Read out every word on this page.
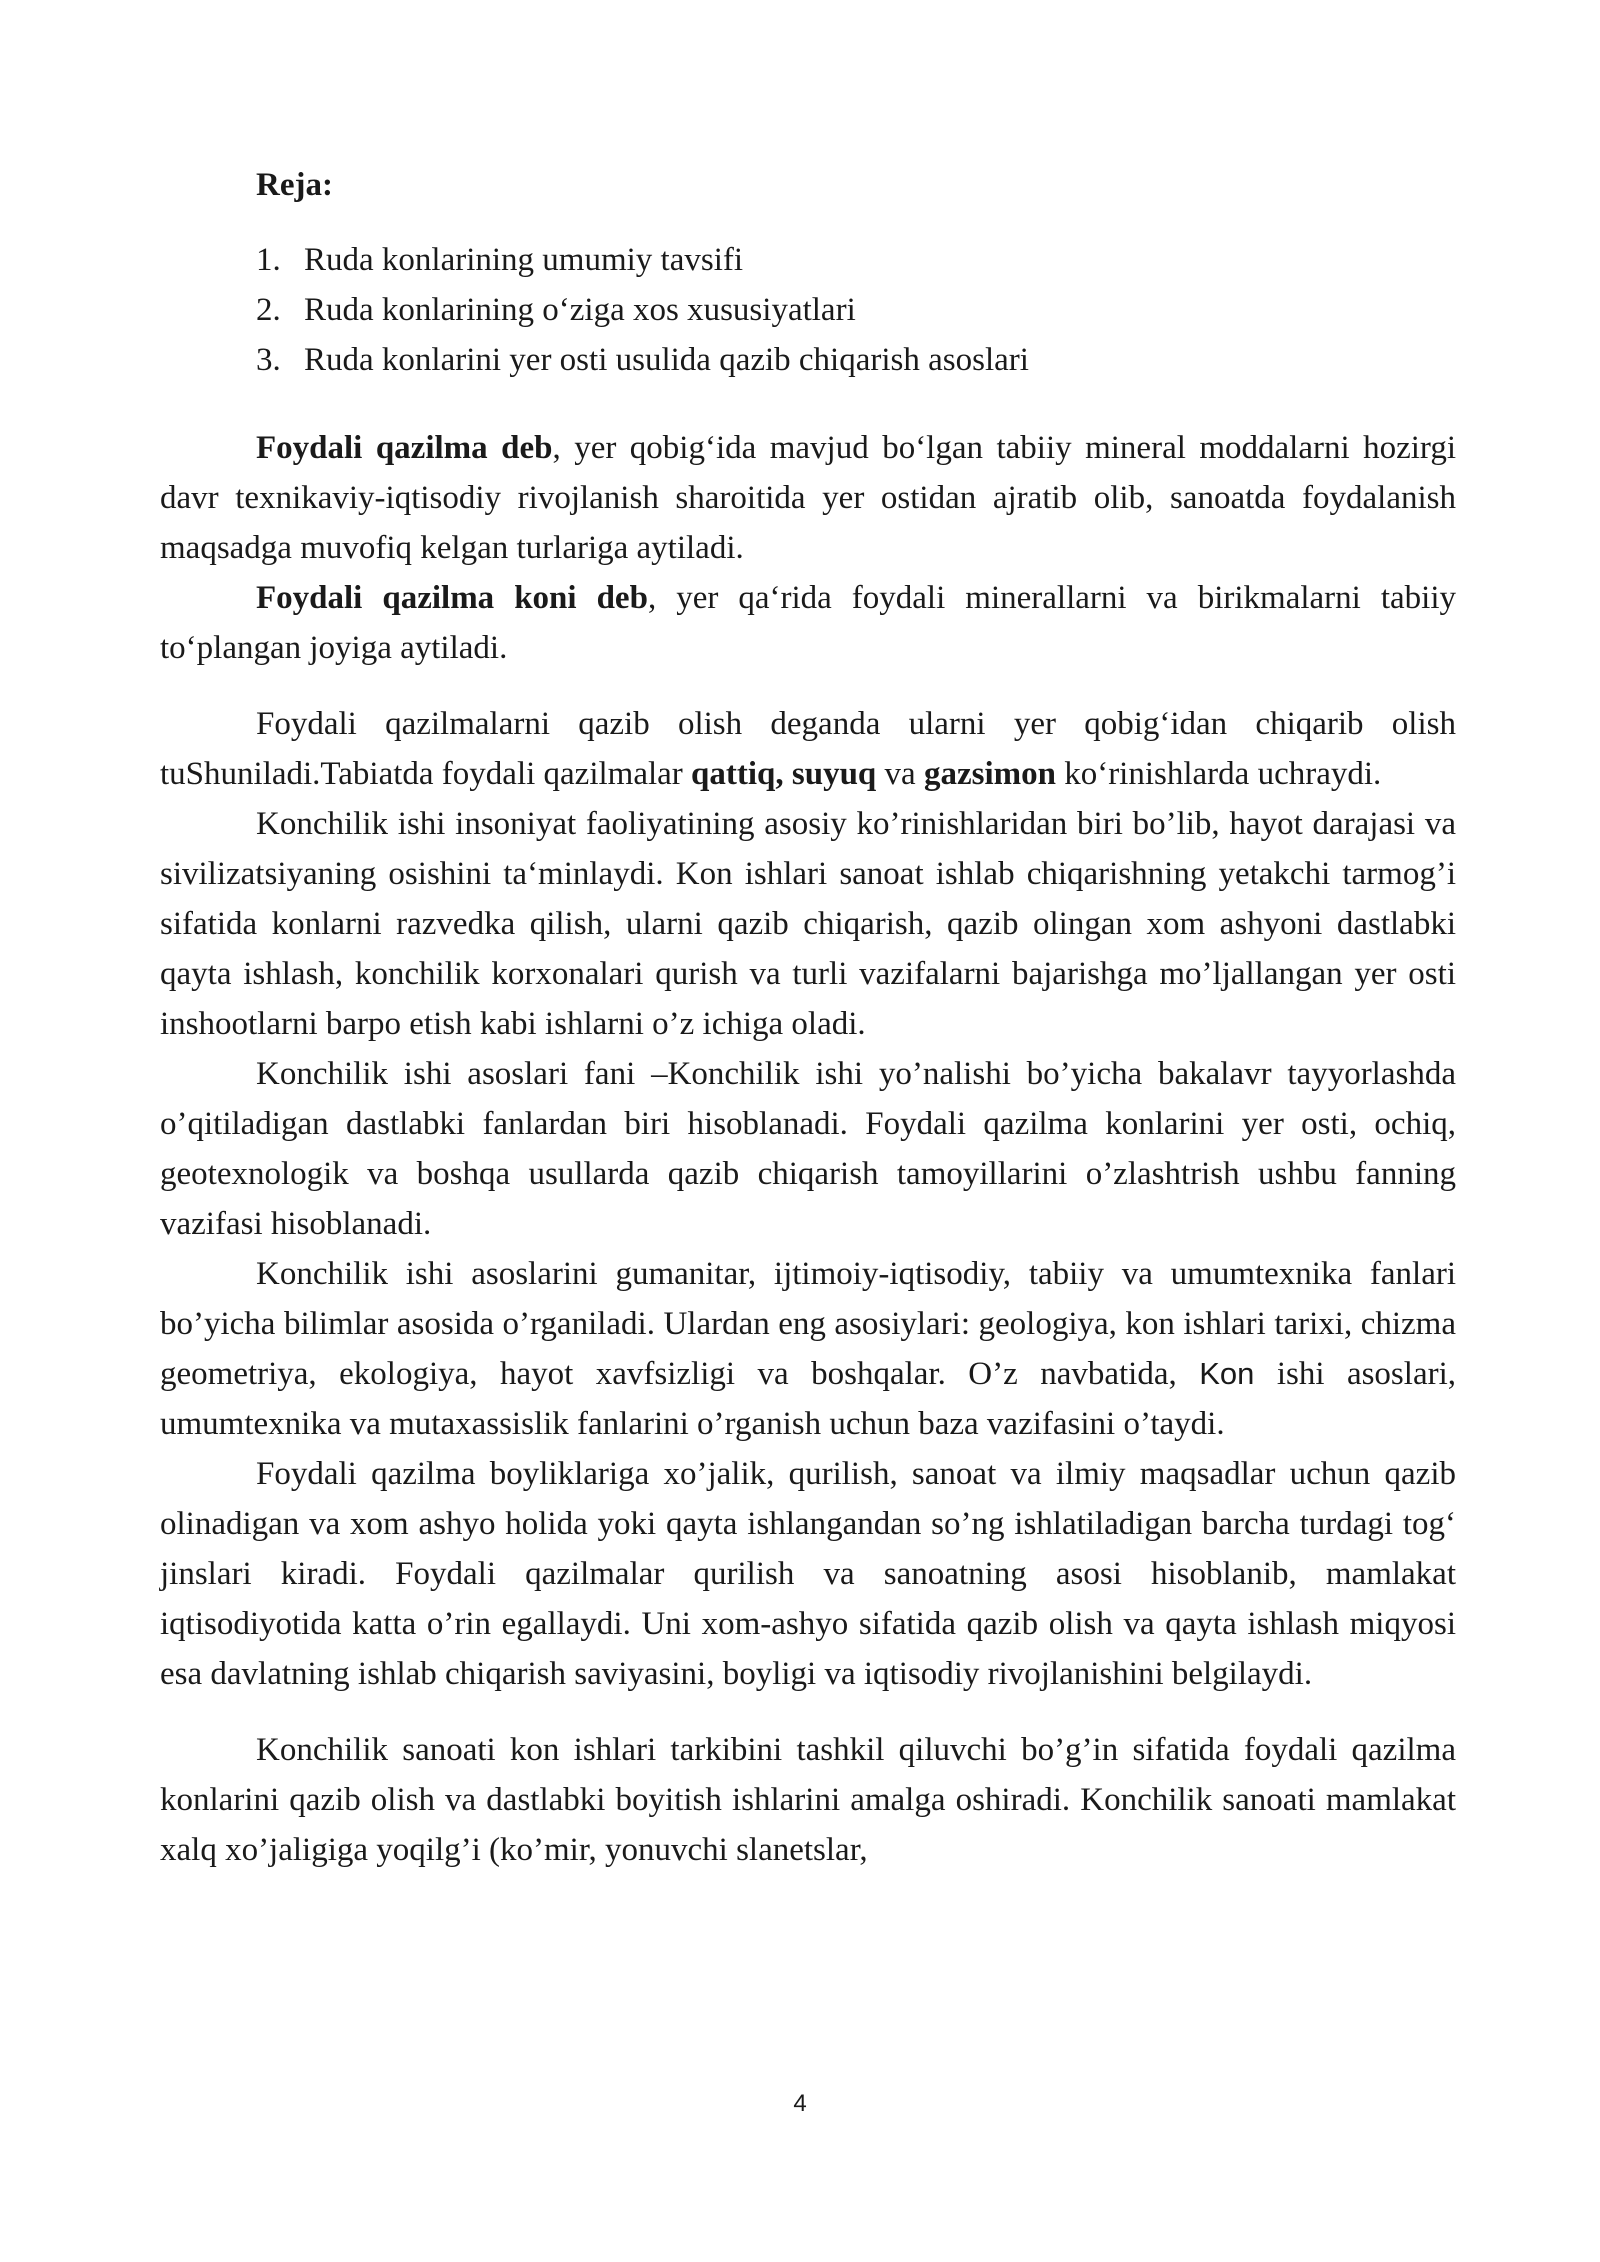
Reja:
1. Ruda konlarining umumiy tavsifi
2. Ruda konlarining o‘ziga xos xususiyatlari
3. Ruda konlarini yer osti usulida qazib chiqarish asoslari

Foydali qazilma deb, yer qobig‘ida mavjud bo‘lgan tabiiy mineral moddalarni hozirgi davr texnikaviy-iqtisodiy rivojlanish sharoitida yer ostidan ajratib olib, sanoatda foydalanish maqsadga muvofiq kelgan turlariga aytiladi.

Foydali qazilma koni deb, yer qa‘rida foydali minerallarni va birikmalarni tabiiy to‘plangan joyiga aytiladi.

Foydali qazilmalarni qazib olish deganda ularni yer qobig‘idan chiqarib olish tuShuniladi.Tabiatda foydali qazilmalar qattiq, suyuq va gazsimon ko‘rinishlarda uchraydi.

Konchilik ishi insoniyat faoliyatining asosiy ko’rinishlaridan biri bo’lib, hayot darajasi va sivilizatsiyaning osishini ta‘minlaydi. Kon ishlari sanoat ishlab chiqarishning yetakchi tarmog’i sifatida konlarni razvedka qilish, ularni qazib chiqarish, qazib olingan xom ashyoni dastlabki qayta ishlash, konchilik korxonalari qurish va turli vazifalarni bajarishga mo’ljallangan yer osti inshootlarni barpo etish kabi ishlarni o’z ichiga oladi.

Konchilik ishi asoslari fani –Konchilik ishi yo’nalishi bo’yicha bakalavr tayyorlashda o’qitiladigan dastlabki fanlardan biri hisoblanadi. Foydali qazilma konlarini yer osti, ochiq, geotexnologik va boshqa usullarda qazib chiqarish tamoyillarini o’zlashtrish ushbu fanning vazifasi hisoblanadi.

Konchilik ishi asoslarini gumanitar, ijtimoiy-iqtisodiy, tabiiy va umumtexnika fanlari bo’yicha bilimlar asosida o’rganiladi. Ulardan eng asosiylari: geologiya, kon ishlari tarixi, chizma geometriya, ekologiya, hayot xavfsizligi va boshqalar. O’z navbatida, Kon ishi asoslari, umumtexnika va mutaxassislik fanlarini o’rganish uchun baza vazifasini o’taydi.

Foydali qazilma boyliklariga xo’jalik, qurilish, sanoat va ilmiy maqsadlar uchun qazib olinadigan va xom ashyo holida yoki qayta ishlangandan so’ng ishlatiladigan barcha turdagi tog‘ jinslari kiradi. Foydali qazilmalar qurilish va sanoatning asosi hisoblanib, mamlakat iqtisodiyotida katta o’rin egallaydi. Uni xom-ashyo sifatida qazib olish va qayta ishlash miqyosi esa davlatning ishlab chiqarish saviyasini, boyligi va iqtisodiy rivojlanishini belgilaydi.

Konchilik sanoati kon ishlari tarkibini tashkil qiluvchi bo’g’in sifatida foydali qazilma konlarini qazib olish va dastlabki boyitish ishlarini amalga oshiradi. Konchilik sanoati mamlakat xalq xo’jaligiga yoqilg’i (ko’mir, yonuvchi slanetslar,

4
